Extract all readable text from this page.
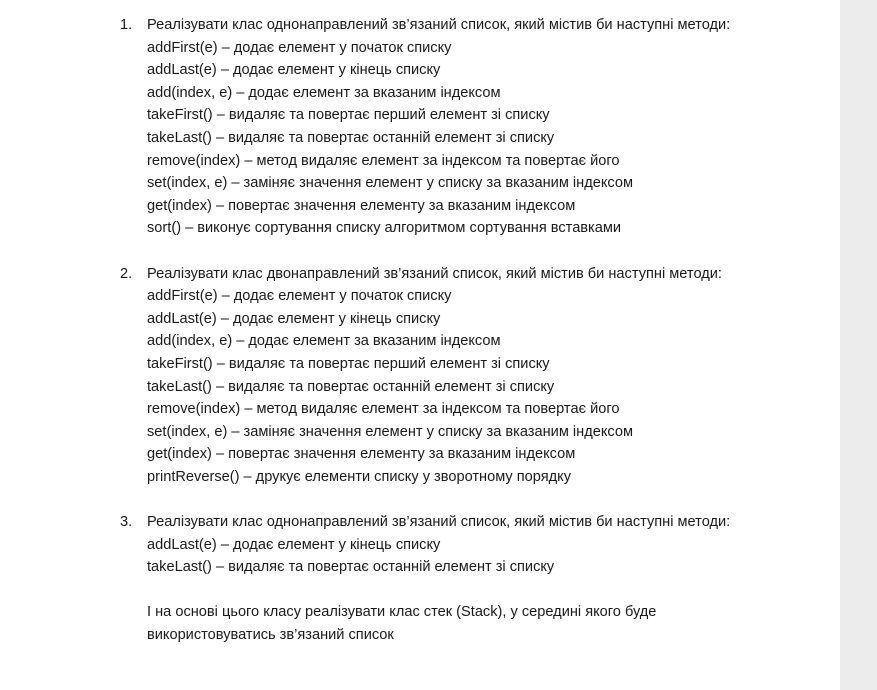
1. Реалізувати клас однонаправлений зв’язаний список, який містив би наступні методи:
addFirst(e) – додає елемент у початок списку
addLast(e) – додає елемент у кінець списку
add(index, e) – додає елемент за вказаним індексом
takeFirst() – видаляє та повертає перший елемент зі списку
takeLast() – видаляє та повертає останній елемент зі списку
remove(index) – метод видаляє елемент за індексом та повертає його
set(index, e) – заміняє значення елемент у списку за вказаним індексом
get(index) – повертає значення елементу за вказаним індексом
sort() – виконує сортування списку алгоритмом сортування вставками
2. Реалізувати клас двонаправлений зв’язаний список, який містив би наступні методи:
addFirst(e) – додає елемент у початок списку
addLast(e) – додає елемент у кінець списку
add(index, e) – додає елемент за вказаним індексом
takeFirst() – видаляє та повертає перший елемент зі списку
takeLast() – видаляє та повертає останній елемент зі списку
remove(index) – метод видаляє елемент за індексом та повертає його
set(index, e) – заміняє значення елемент у списку за вказаним індексом
get(index) – повертає значення елементу за вказаним індексом
printReverse() – друкує елементи списку у зворотному порядку
3. Реалізувати клас однонаправлений зв’язаний список, який містив би наступні методи:
addLast(e) – додає елемент у кінець списку
takeLast() – видаляє та повертає останній елемент зі списку
І на основі цього класу реалізувати клас стек (Stack), у середині якого буде
використовуватись зв’язаний список
